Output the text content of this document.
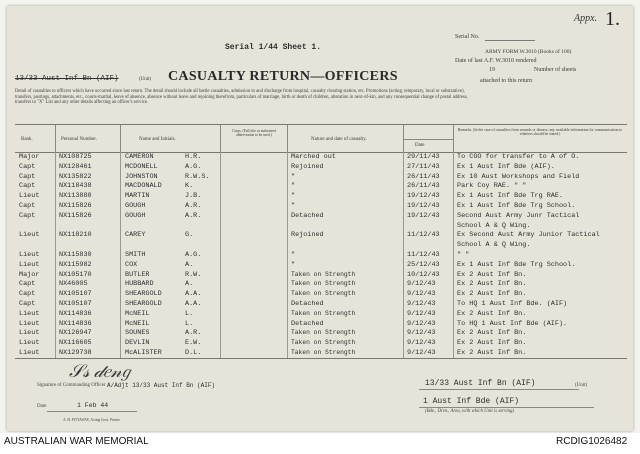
Appx. 1.
Serial No.
ARMY FORM W.3010 (Books of 100)
Date of last A.F. W.3010 rendered
19	Number of sheets
attached to this return
Serial 1/44 Sheet 1.
13/33 Aust Inf Bn (AIF)	(Unit) CASUALTY RETURN—OFFICERS
Detail of casualties to officers which have occurred since last return. The detail should include all battle casualties, admission to and discharge from hospital, casualty clearing station, etc. Promotions (acting, temporary, local or substantive), transfers, postings, attachments, etc., courts-martial, leave of absence, absence without leave and rejoining therefrom, particulars of marriage, birth or death of children, alteration in next-of-kin, and any consequential change of postal address, transfers to "X" List and any other details affecting an officer's service.
Rank.	Personal Number.	Name and Initials.
Corps. (Full title or authorized abbreviation to be used.)
Nature and date of casualty.
Date
Remarks. (In the case of casualties from wounds or disease, any available information for communication to relatives should be stated.)
Major	NX108725	CAMERON	H.R.	Marched out	29/11/43	To CGO for transfer to A of O.
Capt	NX128461	MCDONELL	A.G.	Rejoined	27/11/43	Ex 1 Aust Inf Bde (AIF).
Capt	NX135822	JOHNSTON	R.W.S.	"	26/11/43	Ex 10 Aust Workshops and Field
Capt	NX118438	MACDONALD	K.	"	26/11/43	Park Coy RAE. " "
Lieut	NX113880	MARTIN	J.B.	"	19/12/43	Ex 1 Aust Inf Bde Trg RAE.
Capt	NX115826	GOUGH	A.R.	"	19/12/43	Ex 1 Aust Inf Bde Trg School.
Capt	NX115826	GOUGH	A.R.	Detached	19/12/43	Second Aust Army Junr Tactical
School A & Q Wing.
Lieut	NX118210	CAREY	G.	Rejoined	11/12/43	Ex Second Aust Army Junior Tactical
School A & Q Wing.
Lieut	NX115830	SMITH	A.G.	"	11/12/43	" "
Lieut	NX115982	COX	A.	"	25/12/43	Ex 1 Aust Inf Bde Trg School.
Major	NX105170	BUTLER	R.W.	Taken on Strength	10/12/43	Ex 2 Aust Inf Bn.
Capt	NX46005	HUBBARD	A.	Taken on Strength	9/12/43	Ex 2 Aust Inf Bn.
Capt	NX105107	SHEARGOLD	A.A.	Taken on Strength	9/12/43	Ex 2 Aust Inf Bn.
Capt	NX105107	SHEARGOLD	A.A.	Detached	9/12/43	To HQ 1 Aust Inf Bde. (AIF)
Lieut	NX114836	McNEIL	L.	Taken on Strength	9/12/43	Ex 2 Aust Inf Bn.
Lieut	NX114836	McNEIL	L.	Detached	9/12/43	To HQ 1 Aust Inf Bde (AIF).
Lieut	NX126947	SOUNES	A.R.	Taken on Strength	9/12/43	Ex 2 Aust Inf Bn.
Lieut	NX116605	DEVLIN	E.W.	Taken on Strength	9/12/43	Ex 2 Aust Inf Bn.
Lieut	NX129738	McALISTER	D.L.	Taken on Strength	9/12/43	Ex 2 Aust Inf Bn.
𝒮𝓈 𝒹𝑒𝓃𝑔
Signature of Commanding Officer A/Adjt 13/33 Aust Inf Bn (AIF)
Date	1 Feb 44
A. H. PITTAWAY, Acting Govt. Printer.
13/33 Aust Inf Bn (AIF)	(Unit)
1 Aust Inf Bde (AIF)
(Bde., Divn., Area, with which Unit is serving)
AUSTRALIAN WAR MEMORIAL	RCDIG1026482
